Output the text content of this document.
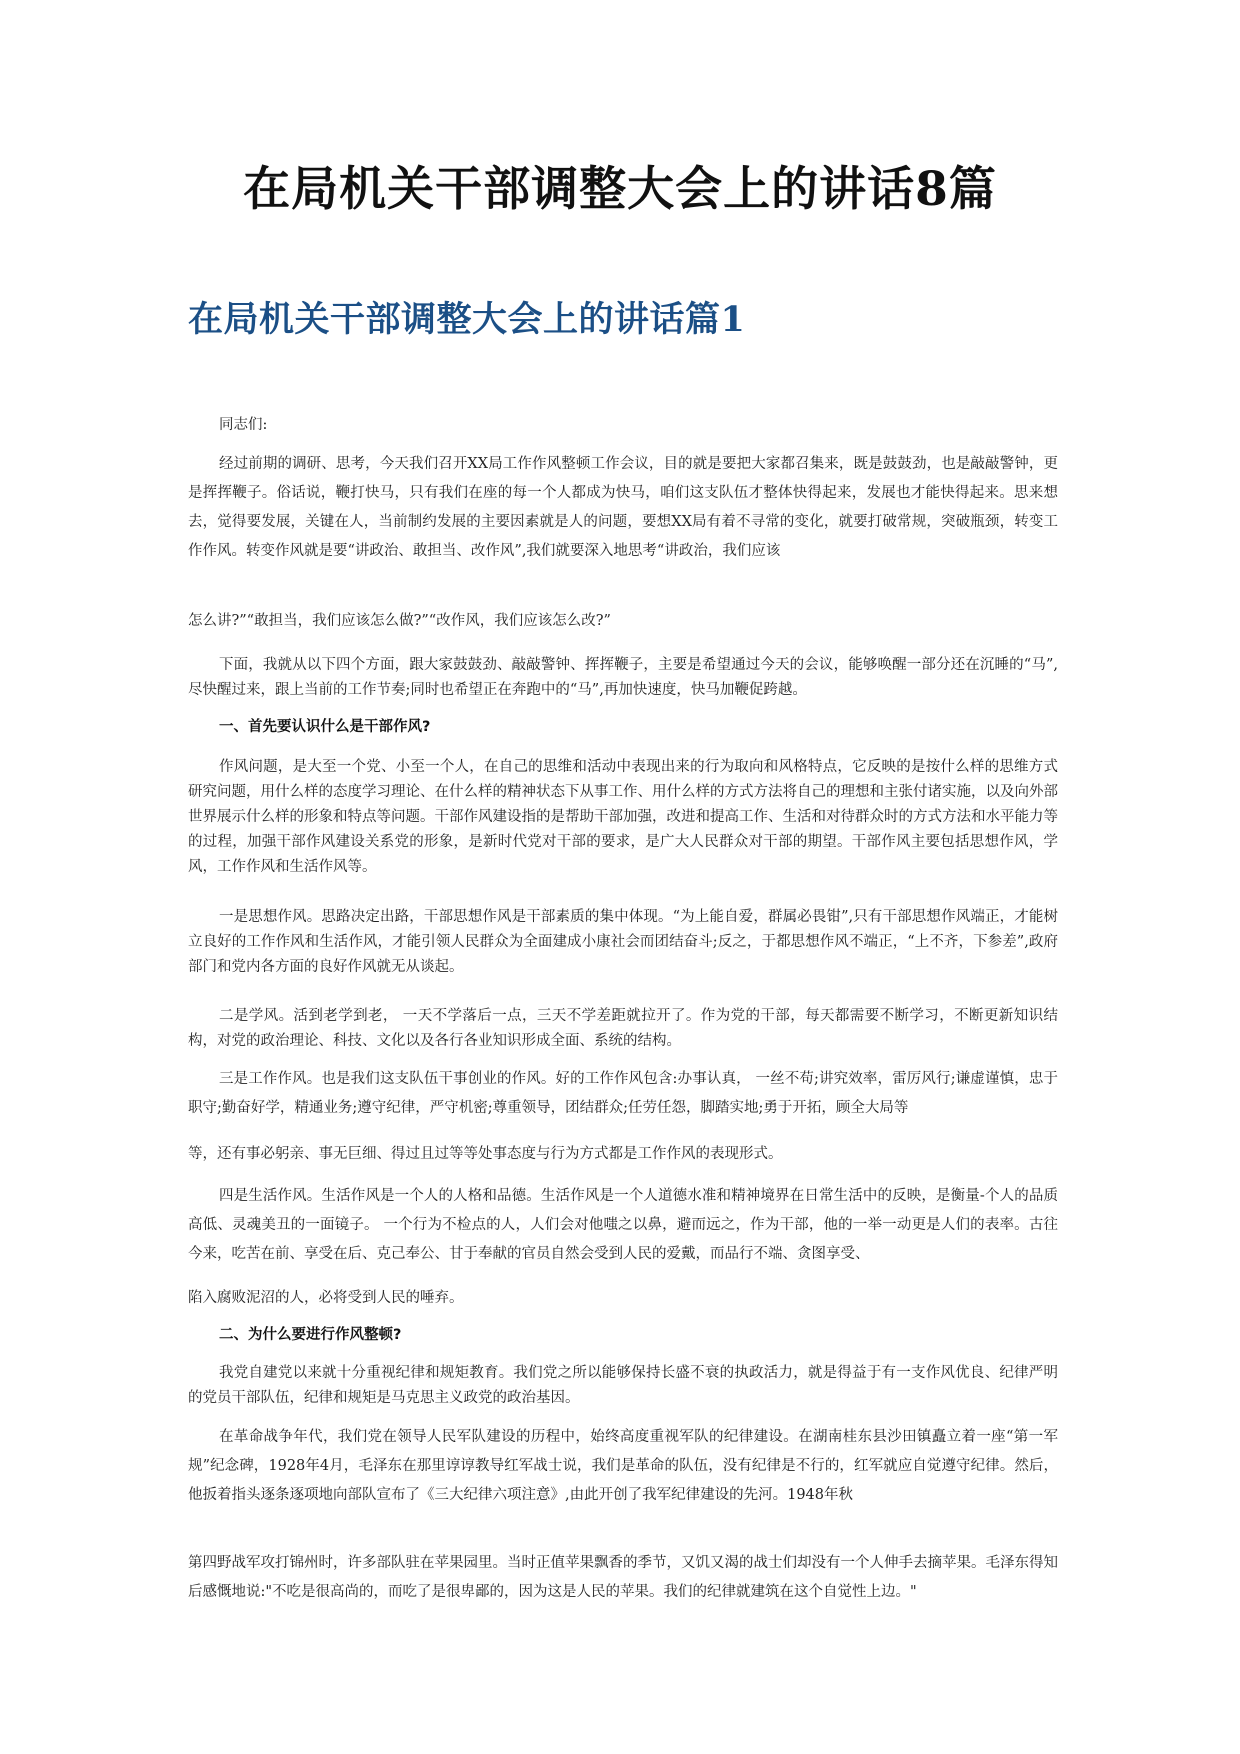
在局机关干部调整大会上的讲话8篇
在局机关干部调整大会上的讲话篇1

同志们:

经过前期的调研、思考，今天我们召开XX局工作作风整顿工作会议，目的就是要把大家都召集来，既是鼓鼓劲，也是敲敲警钟，更是挥挥鞭子。俗话说，鞭打快马，只有我们在座的每一个人都成为快马，咱们这支队伍才整体快得起来，发展也才能快得起来。思来想去，觉得要发展，关键在人，当前制约发展的主要因素就是人的问题，要想XX局有着不寻常的变化，就要打破常规，突破瓶颈，转变工作作风。转变作风就是要“讲政治、敢担当、改作风”,我们就要深入地思考“讲政治，我们应该

怎么讲?”“敢担当，我们应该怎么做?”“改作风，我们应该怎么改?”

下面，我就从以下四个方面，跟大家鼓鼓劲、敲敲警钟、挥挥鞭子，主要是希望通过今天的会议，能够唤醒一部分还在沉睡的“马”,尽快醒过来，跟上当前的工作节奏;同时也希望正在奔跑中的“马”,再加快速度，快马加鞭促跨越。

一、首先要认识什么是干部作风?

作风问题，是大至一个党、小至一个人，在自己的思维和活动中表现出来的行为取向和风格特点，它反映的是按什么样的思维方式研究问题，用什么样的态度学习理论、在什么样的精神状态下从事工作、用什么样的方式方法将自己的理想和主张付诸实施，以及向外部世界展示什么样的形象和特点等问题。干部作风建设指的是帮助干部加强，改进和提高工作、生活和对待群众时的方式方法和水平能力等的过程，加强干部作风建设关系党的形象，是新时代党对干部的要求，是广大人民群众对干部的期望。干部作风主要包括思想作风，学风，工作作风和生活作风等。

一是思想作风。思路决定出路，干部思想作风是干部素质的集中体现。“为上能自爱，群属必畏钳”,只有干部思想作风端正，才能树立良好的工作作风和生活作风，才能引领人民群众为全面建成小康社会而团结奋斗;反之，于都思想作风不端正，“上不齐，下参差”,政府部门和党内各方面的良好作风就无从谈起。

二是学风。活到老学到老， 一天不学落后一点，三天不学差距就拉开了。作为党的干部，每天都需要不断学习，不断更新知识结构，对党的政治理论、科技、文化以及各行各业知识形成全面、系统的结构。

三是工作作风。也是我们这支队伍干事创业的作风。好的工作作风包含:办事认真， 一丝不苟;讲究效率，雷厉风行;谦虚谨慎，忠于职守;勤奋好学，精通业务;遵守纪律，严守机密;尊重领导，团结群众;任劳任怨，脚踏实地;勇于开拓，顾全大局等

等，还有事必躬亲、事无巨细、得过且过等等处事态度与行为方式都是工作作风的表现形式。

四是生活作风。生活作风是一个人的人格和品德。生活作风是一个人道德水准和精神境界在日常生活中的反映，是衡量-个人的品质高低、灵魂美丑的一面镜子。 一个行为不检点的人，人们会对他嗤之以鼻，避而远之，作为干部，他的一举一动更是人们的表率。古往今来，吃苦在前、享受在后、克己奉公、甘于奉献的官员自然会受到人民的爱戴，而品行不端、贪图享受、

陷入腐败泥沼的人，必将受到人民的唾弃。

二、为什么要进行作风整顿?

我党自建党以来就十分重视纪律和规矩教育。我们党之所以能够保持长盛不衰的执政活力，就是得益于有一支作风优良、纪律严明的党员干部队伍，纪律和规矩是马克思主义政党的政治基因。

在革命战争年代，我们党在领导人民军队建设的历程中，始终高度重视军队的纪律建设。在湖南桂东县沙田镇矗立着一座“第一军规”纪念碑，1928年4月，毛泽东在那里谆谆教导红军战士说，我们是革命的队伍，没有纪律是不行的，红军就应自觉遵守纪律。然后，他扳着指头逐条逐项地向部队宣布了《三大纪律六项注意》,由此开创了我军纪律建设的先河。1948年秋

第四野战军攻打锦州时，许多部队驻在苹果园里。当时正值苹果飘香的季节，又饥又渴的战士们却没有一个人伸手去摘苹果。毛泽东得知后感慨地说:"不吃是很高尚的，而吃了是很卑鄙的，因为这是人民的苹果。我们的纪律就建筑在这个自觉性上边。"
